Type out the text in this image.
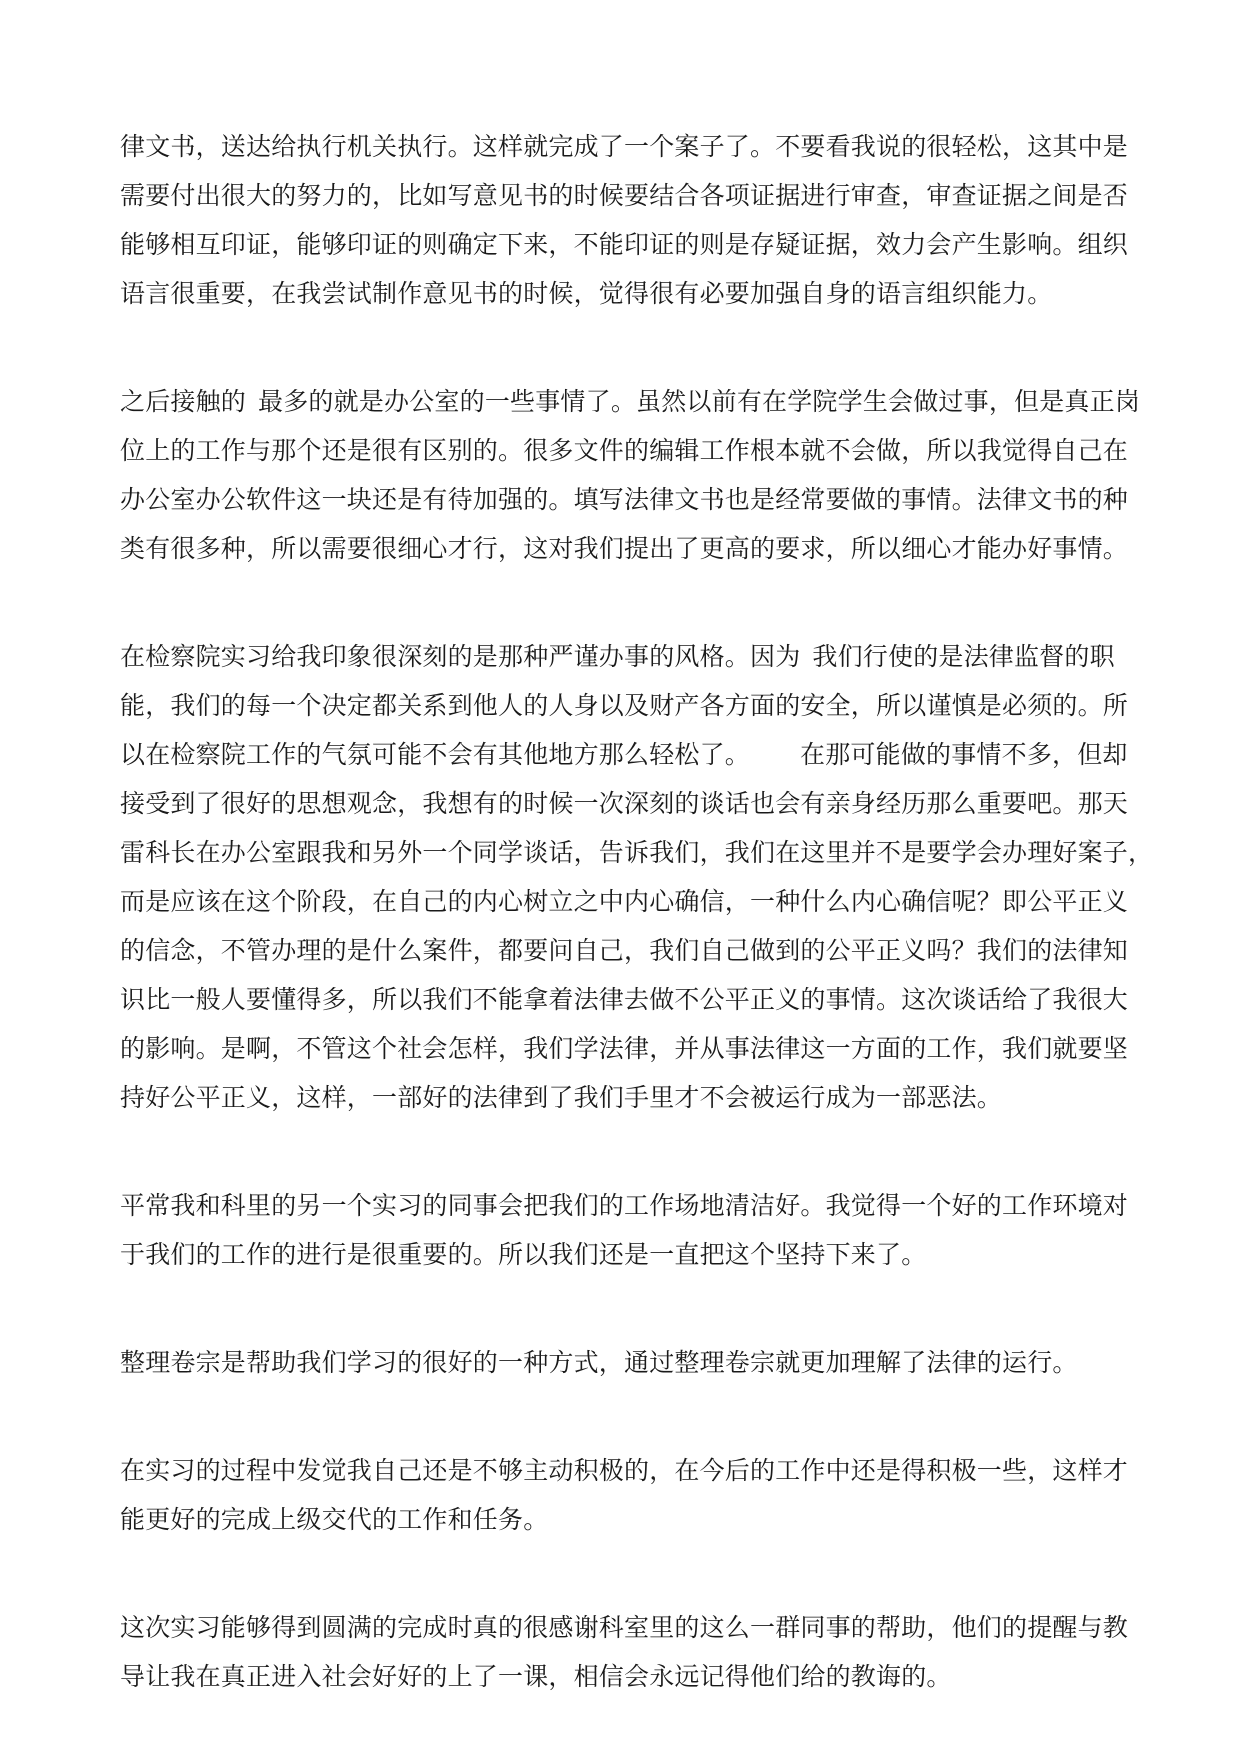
律文书，送达给执行机关执行。这样就完成了一个案子了。不要看我说的很轻松，这其中是
需要付出很大的努力的，比如写意见书的时候要结合各项证据进行审查，审查证据之间是否
能够相互印证，能够印证的则确定下来，不能印证的则是存疑证据，效力会产生影响。组织
语言很重要，在我尝试制作意见书的时候，觉得很有必要加强自身的语言组织能力。

之后接触的 最多的就是办公室的一些事情了。虽然以前有在学院学生会做过事，但是真正岗
位上的工作与那个还是很有区别的。很多文件的编辑工作根本就不会做，所以我觉得自己在
办公室办公软件这一块还是有待加强的。填写法律文书也是经常要做的事情。法律文书的种
类有很多种，所以需要很细心才行，这对我们提出了更高的要求，所以细心才能办好事情。

在检察院实习给我印象很深刻的是那种严谨办事的风格。因为 我们行使的是法律监督的职
能，我们的每一个决定都关系到他人的人身以及财产各方面的安全，所以谨慎是必须的。所
以在检察院工作的气氛可能不会有其他地方那么轻松了。 在那可能做的事情不多，但却
接受到了很好的思想观念，我想有的时候一次深刻的谈话也会有亲身经历那么重要吧。那天
雷科长在办公室跟我和另外一个同学谈话，告诉我们，我们在这里并不是要学会办理好案子，
而是应该在这个阶段，在自己的内心树立之中内心确信，一种什么内心确信呢？即公平正义
的信念，不管办理的是什么案件，都要问自己，我们自己做到的公平正义吗？我们的法律知
识比一般人要懂得多，所以我们不能拿着法律去做不公平正义的事情。这次谈话给了我很大
的影响。是啊，不管这个社会怎样，我们学法律，并从事法律这一方面的工作，我们就要坚
持好公平正义，这样，一部好的法律到了我们手里才不会被运行成为一部恶法。

平常我和科里的另一个实习的同事会把我们的工作场地清洁好。我觉得一个好的工作环境对
于我们的工作的进行是很重要的。所以我们还是一直把这个坚持下来了。

整理卷宗是帮助我们学习的很好的一种方式，通过整理卷宗就更加理解了法律的运行。

在实习的过程中发觉我自己还是不够主动积极的，在今后的工作中还是得积极一些，这样才
能更好的完成上级交代的工作和任务。

这次实习能够得到圆满的完成时真的很感谢科室里的这么一群同事的帮助，他们的提醒与教
导让我在真正进入社会好好的上了一课，相信会永远记得他们给的教诲的。
